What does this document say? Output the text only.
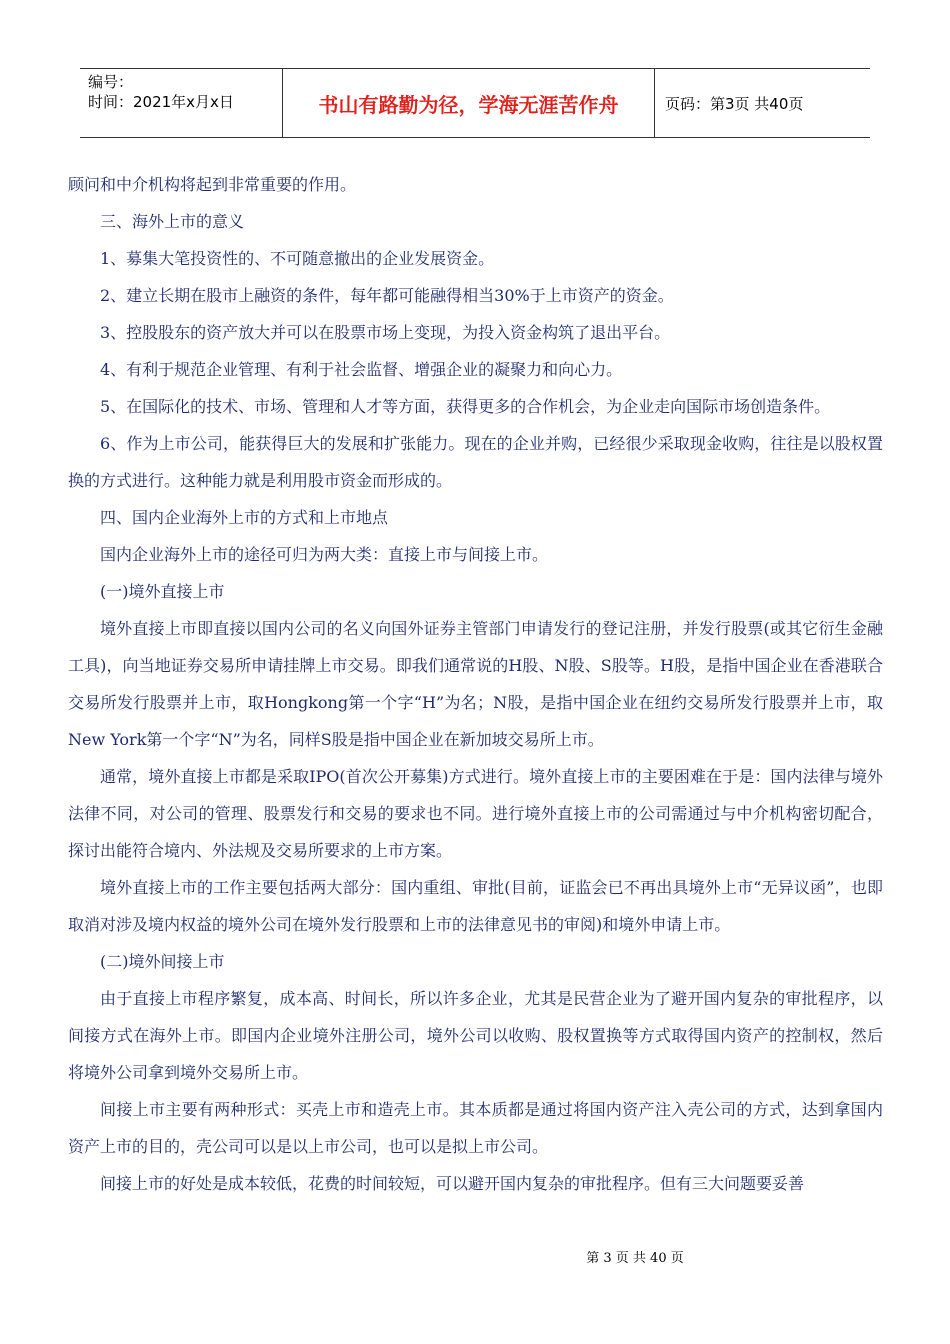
编号：
时间：2021年x月x日	书山有路勤为径，学海无涯苦作舟	页码：第3页 共40页

顾问和中介机构将起到非常重要的作用。

三、海外上市的意义

1、募集大笔投资性的、不可随意撤出的企业发展资金。

2、建立长期在股市上融资的条件，每年都可能融得相当30%于上市资产的资金。

3、控股股东的资产放大并可以在股票市场上变现，为投入资金构筑了退出平台。

4、有利于规范企业管理、有利于社会监督、增强企业的凝聚力和向心力。

5、在国际化的技术、市场、管理和人才等方面，获得更多的合作机会，为企业走向国际市场创造条件。

6、作为上市公司，能获得巨大的发展和扩张能力。现在的企业并购，已经很少采取现金收购，往往是以股权置换的方式进行。这种能力就是利用股市资金而形成的。

四、国内企业海外上市的方式和上市地点

国内企业海外上市的途径可归为两大类：直接上市与间接上市。

(一)境外直接上市

境外直接上市即直接以国内公司的名义向国外证券主管部门申请发行的登记注册，并发行股票(或其它衍生金融工具)，向当地证券交易所申请挂牌上市交易。即我们通常说的H股、N股、S股等。H股，是指中国企业在香港联合交易所发行股票并上市，取Hongkong第一个字“H”为名；N股，是指中国企业在纽约交易所发行股票并上市，取New York第一个字“N”为名，同样S股是指中国企业在新加坡交易所上市。

通常，境外直接上市都是采取IPO(首次公开募集)方式进行。境外直接上市的主要困难在于是：国内法律与境外法律不同，对公司的管理、股票发行和交易的要求也不同。进行境外直接上市的公司需通过与中介机构密切配合，探讨出能符合境内、外法规及交易所要求的上市方案。

境外直接上市的工作主要包括两大部分：国内重组、审批(目前，证监会已不再出具境外上市“无异议函”，也即取消对涉及境内权益的境外公司在境外发行股票和上市的法律意见书的审阅)和境外申请上市。

(二)境外间接上市

由于直接上市程序繁复，成本高、时间长，所以许多企业，尤其是民营企业为了避开国内复杂的审批程序，以间接方式在海外上市。即国内企业境外注册公司，境外公司以收购、股权置换等方式取得国内资产的控制权，然后将境外公司拿到境外交易所上市。

间接上市主要有两种形式：买壳上市和造壳上市。其本质都是通过将国内资产注入壳公司的方式，达到拿国内资产上市的目的，壳公司可以是以上市公司，也可以是拟上市公司。

间接上市的好处是成本较低，花费的时间较短，可以避开国内复杂的审批程序。但有三大问题要妥善

第 3 页 共 40 页
